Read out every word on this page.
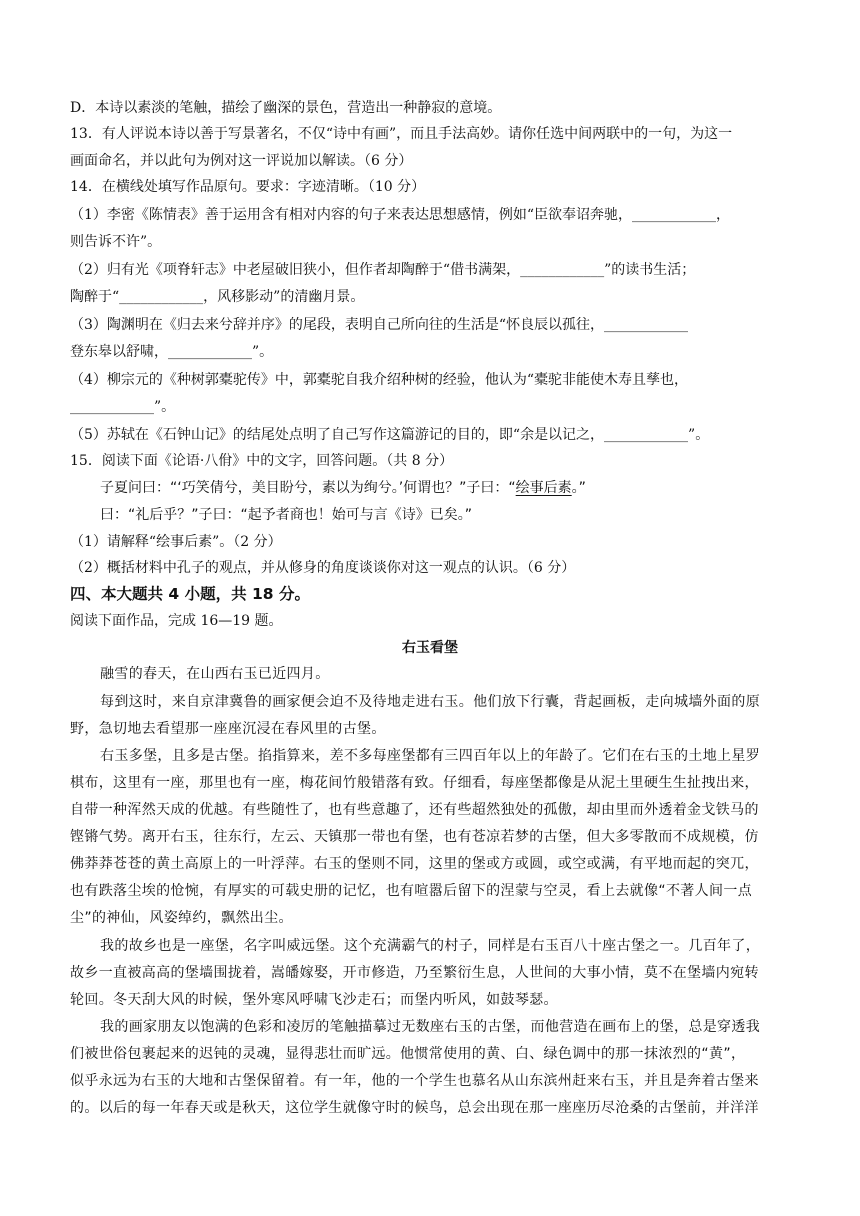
D．本诗以素淡的笔触，描绘了幽深的景色，营造出一种静寂的意境。
13．有人评说本诗以善于写景著名，不仅“诗中有画”，而且手法高妙。请你任选中间两联中的一句，为这一
画面命名，并以此句为例对这一评说加以解读。（6 分）
14．在横线处填写作品原句。要求：字迹清晰。（10 分）
（1）李密《陈情表》善于运用含有相对内容的句子来表达思想感情，例如“臣欲奉诏奔驰，____________，
则告诉不许”。
（2）归有光《项脊轩志》中老屋破旧狭小，但作者却陶醉于“借书满架，____________”的读书生活；
陶醉于“____________，风移影动”的清幽月景。
（3）陶渊明在《归去来兮辞并序》的尾段，表明自己所向往的生活是“怀良辰以孤往，____________
登东皋以舒啸，____________”。
（4）柳宗元的《种树郭橐驼传》中，郭橐驼自我介绍种树的经验，他认为“橐驼非能使木寿且孳也，
____________”。
（5）苏轼在《石钟山记》的结尾处点明了自己写作这篇游记的目的，即“余是以记之，____________”。
15．阅读下面《论语·八佾》中的文字，回答问题。（共 8 分）
子夏问曰：“‘巧笑倩兮，美目盼兮，素以为绚兮。’何谓也？”子曰：“绘事后素。”
曰：“礼后乎？”子曰：“起予者商也！始可与言《诗》已矣。”
（1）请解释“绘事后素”。（2 分）
（2）概括材料中孔子的观点，并从修身的角度谈谈你对这一观点的认识。（6 分）
四、本大题共 4 小题，共 18 分。
阅读下面作品，完成 16—19 题。
右玉看堡
融雪的春天，在山西右玉已近四月。
每到这时，来自京津冀鲁的画家便会迫不及待地走进右玉。他们放下行囊，背起画板，走向城墙外面的原
野，急切地去看望那一座座沉浸在春风里的古堡。
右玉多堡，且多是古堡。掐指算来，差不多每座堡都有三四百年以上的年龄了。它们在右玉的土地上星罗
棋布，这里有一座，那里也有一座，梅花间竹般错落有致。仔细看，每座堡都像是从泥土里硬生生扯拽出来，
自带一种浑然天成的优越。有些随性了，也有些意趣了，还有些超然独处的孤傲，却由里而外透着金戈铁马的
铿锵气势。离开右玉，往东行，左云、天镇那一带也有堡，也有苍凉若梦的古堡，但大多零散而不成规模，仿
佛莽莽苍苍的黄土高原上的一叶浮萍。右玉的堡则不同，这里的堡或方或圆，或空或满，有平地而起的突兀，
也有跌落尘埃的怆惋，有厚实的可载史册的记忆，也有喧嚣后留下的涅蒙与空灵，看上去就像“不著人间一点
尘”的神仙，风姿绰约，飘然出尘。
我的故乡也是一座堡，名字叫威远堡。这个充满霸气的村子，同样是右玉百八十座古堡之一。几百年了，
故乡一直被高高的堡墙围拢着，嵩皤嫁娶，开市修造，乃至繁衍生息，人世间的大事小情，莫不在堡墙内宛转
轮回。冬天刮大风的时候，堡外寒风呼啸飞沙走石；而堡内听风，如鼓琴瑟。
我的画家朋友以饱满的色彩和凌厉的笔触描摹过无数座右玉的古堡，而他营造在画布上的堡，总是穿透我
们被世俗包裹起来的迟钝的灵魂，显得悲壮而旷远。他惯常使用的黄、白、绿色调中的那一抹浓烈的“黄”，
似乎永远为右玉的大地和古堡保留着。有一年，他的一个学生也慕名从山东滨州赶来右玉，并且是奔着古堡来
的。以后的每一年春天或是秋天，这位学生就像守时的候鸟，总会出现在那一座座历尽沧桑的古堡前，并洋洋
